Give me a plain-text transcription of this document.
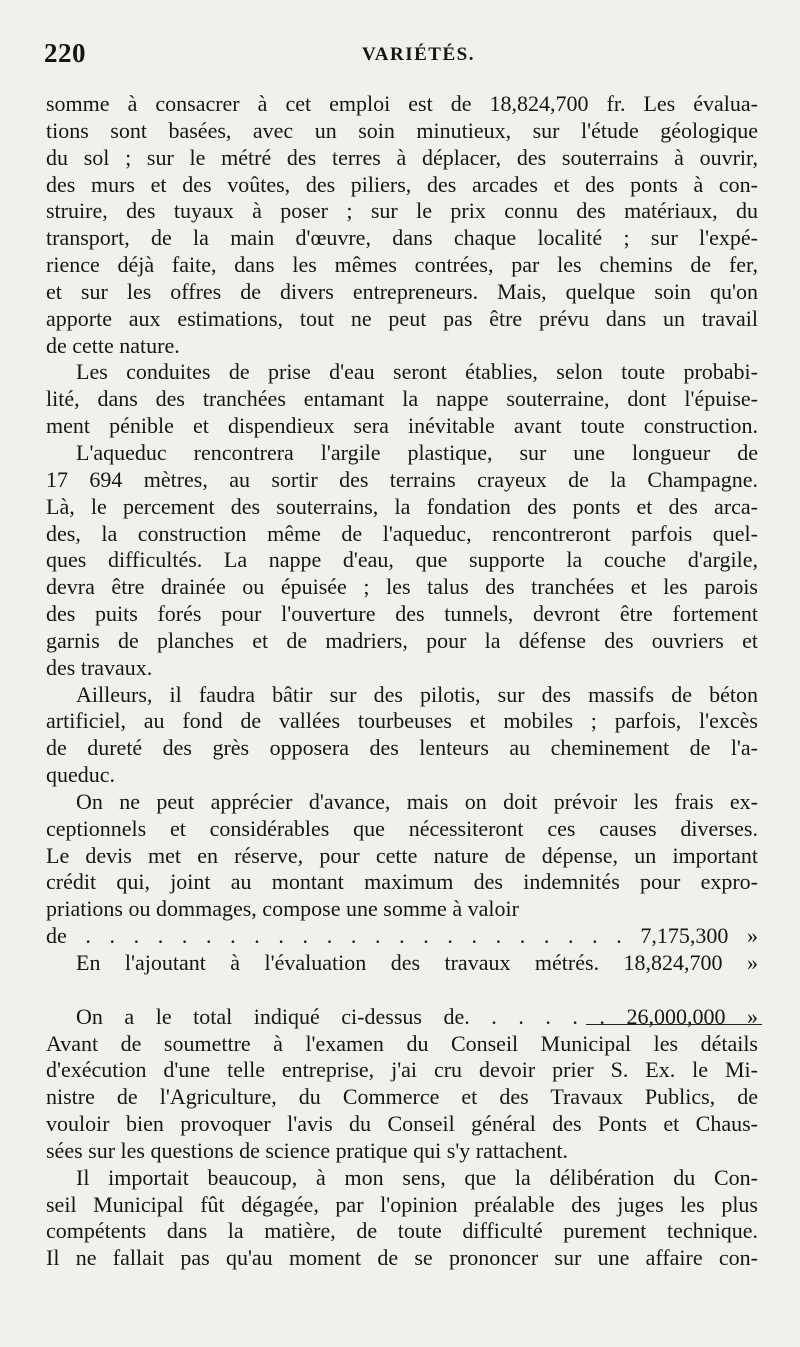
220	VARIÉTÉS.
somme à consacrer à cet emploi est de 18,824,700 fr. Les évalua-
tions sont basées, avec un soin minutieux, sur l'étude géologique
du sol ; sur le métré des terres à déplacer, des souterrains à ouvrir,
des murs et des voûtes, des piliers, des arcades et des ponts à con-
struire, des tuyaux à poser ; sur le prix connu des matériaux, du
transport, de la main d'œuvre, dans chaque localité ; sur l'expé-
rience déjà faite, dans les mêmes contrées, par les chemins de fer,
et sur les offres de divers entrepreneurs. Mais, quelque soin qu'on
apporte aux estimations, tout ne peut pas être prévu dans un travail
de cette nature.
Les conduites de prise d'eau seront établies, selon toute probabi-
lité, dans des tranchées entamant la nappe souterraine, dont l'épuise-
ment pénible et dispendieux sera inévitable avant toute construction.
L'aqueduc rencontrera l'argile plastique, sur une longueur de
17 694 mètres, au sortir des terrains crayeux de la Champagne.
Là, le percement des souterrains, la fondation des ponts et des arca-
des, la construction même de l'aqueduc, rencontreront parfois quel-
ques difficultés. La nappe d'eau, que supporte la couche d'argile,
devra être drainée ou épuisée ; les talus des tranchées et les parois
des puits forés pour l'ouverture des tunnels, devront être fortement
garnis de planches et de madriers, pour la défense des ouvriers et
des travaux.
Ailleurs, il faudra bâtir sur des pilotis, sur des massifs de béton
artificiel, au fond de vallées tourbeuses et mobiles ; parfois, l'excès
de dureté des grès opposera des lenteurs au cheminement de l'a-
queduc.
On ne peut apprécier d'avance, mais on doit prévoir les frais ex-
ceptionnels et considérables que nécessiteront ces causes diverses.
Le devis met en réserve, pour cette nature de dépense, un important
crédit qui, joint au montant maximum des indemnités pour expro-
priations ou dommages, compose une somme à valoir
de . . . . . . . . . . . . . . . . . . . . . . . 7,175,300 »
En l'ajoutant à l'évaluation des travaux métrés. 18,824,700 »
On a le total indiqué ci-dessus de. . . . . . 26,000,000 »
Avant de soumettre à l'examen du Conseil Municipal les détails
d'exécution d'une telle entreprise, j'ai cru devoir prier S. Ex. le Mi-
nistre de l'Agriculture, du Commerce et des Travaux Publics, de
vouloir bien provoquer l'avis du Conseil général des Ponts et Chaus-
sées sur les questions de science pratique qui s'y rattachent.
Il importait beaucoup, à mon sens, que la délibération du Con-
seil Municipal fût dégagée, par l'opinion préalable des juges les plus
compétents dans la matière, de toute difficulté purement technique.
Il ne fallait pas qu'au moment de se prononcer sur une affaire con-
